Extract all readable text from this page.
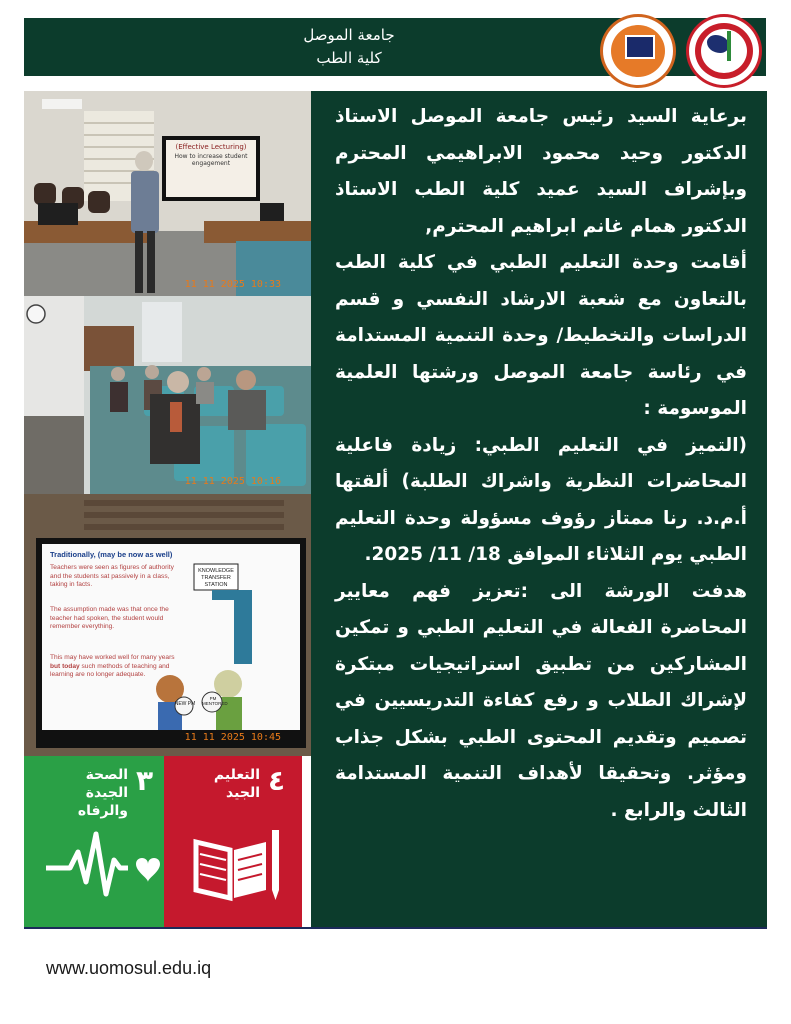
جامعة الموصل
كلية الطب
(Effective Lecturing)
How to increase student engagement
11 11 2025 10:33
11 11 2025 10:16
Traditionally, (may be now as well)
Teachers were seen as figures of authority and the students sat passively in a class, taking in facts.
The assumption made was that once the teacher had spoken, the student would remember everything.
This may have worked well for many years but today such methods of teaching and learning are no longer adequate.
KNOWLEDGE TRANSFER STATION
NEW PM
PM MENTORED
11 11 2025 10:45
٣
الصحة
الجيدة والرفاه
٤
التعليم
الجيد

برعاية السيد رئيس جامعة الموصل الاستاذ الدكتور وحيد محمود الابراهيمي المحترم وبإشراف السيد عميد كلية الطب الاستاذ الدكتور همام غانم ابراهيم المحترم,

أقامت وحدة التعليم الطبي في كلية الطب بالتعاون مع شعبة الارشاد النفسي و قسم الدراسات والتخطيط/ وحدة التنمية المستدامة في رئاسة جامعة الموصل ورشتها العلمية الموسومة :

(التميز في التعليم الطبي: زيادة فاعلية المحاضرات النظرية واشراك الطلبة) ألقتها أ.م.د. رنا ممتاز رؤوف مسؤولة وحدة التعليم الطبي يوم الثلاثاء الموافق 18/ 11/ 2025.

هدفت الورشة الى :تعزيز فهم معايير المحاضرة الفعالة في التعليم الطبي و تمكين المشاركين من تطبيق استراتيجيات مبتكرة لإشراك الطلاب و رفع كفاءة التدريسيين في تصميم وتقديم المحتوى الطبي بشكل جذاب ومؤثر. وتحقيقا لأهداف التنمية المستدامة الثالث والرابع .

www.uomosul.edu.iq
